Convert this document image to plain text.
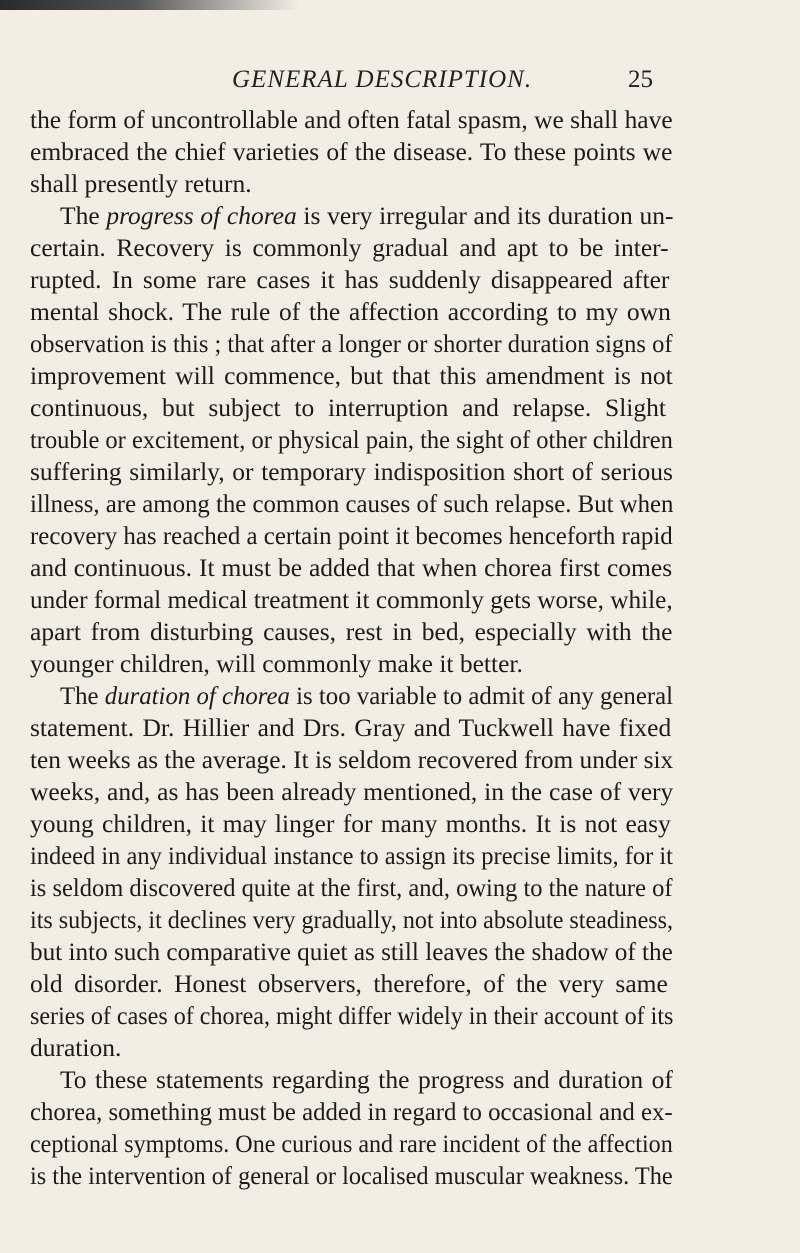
GENERAL DESCRIPTION.	25
the form of uncontrollable and often fatal spasm, we shall have
embraced the chief varieties of the disease. To these points we
shall presently return.
The progress of chorea is very irregular and its duration un-
certain. Recovery is commonly gradual and apt to be inter-
rupted. In some rare cases it has suddenly disappeared after
mental shock. The rule of the affection according to my own
observation is this ; that after a longer or shorter duration signs of
improvement will commence, but that this amendment is not
continuous, but subject to interruption and relapse. Slight
trouble or excitement, or physical pain, the sight of other children
suffering similarly, or temporary indisposition short of serious
illness, are among the common causes of such relapse. But when
recovery has reached a certain point it becomes henceforth rapid
and continuous. It must be added that when chorea first comes
under formal medical treatment it commonly gets worse, while,
apart from disturbing causes, rest in bed, especially with the
younger children, will commonly make it better.
The duration of chorea is too variable to admit of any general
statement. Dr. Hillier and Drs. Gray and Tuckwell have fixed
ten weeks as the average. It is seldom recovered from under six
weeks, and, as has been already mentioned, in the case of very
young children, it may linger for many months. It is not easy
indeed in any individual instance to assign its precise limits, for it
is seldom discovered quite at the first, and, owing to the nature of
its subjects, it declines very gradually, not into absolute steadiness,
but into such comparative quiet as still leaves the shadow of the
old disorder. Honest observers, therefore, of the very same
series of cases of chorea, might differ widely in their account of its
duration.
To these statements regarding the progress and duration of
chorea, something must be added in regard to occasional and ex-
ceptional symptoms. One curious and rare incident of the affection
is the intervention of general or localised muscular weakness. The
